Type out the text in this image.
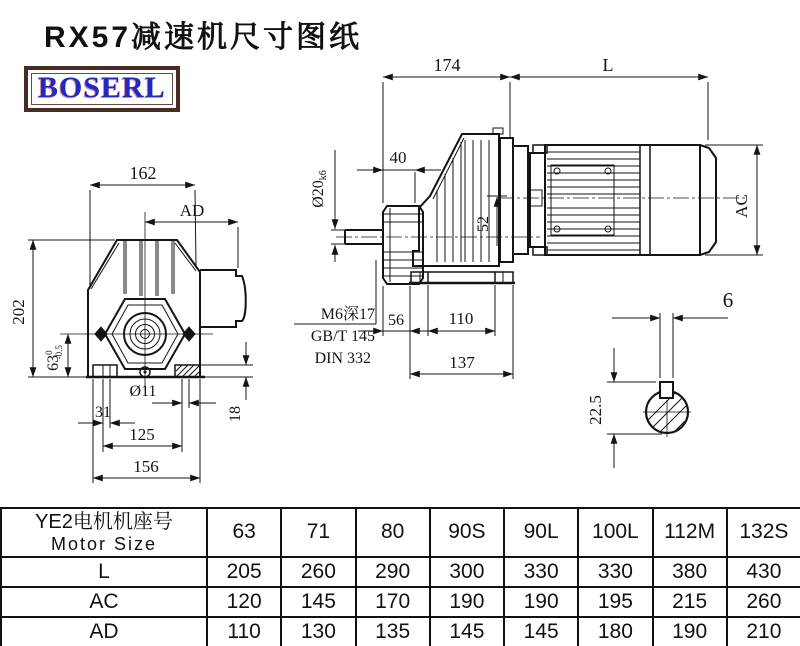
RX57减速机尺寸图纸
BOSERL
162
AD
202
$63^0-0.5$
Ø11
31
125
156
18
174	L
40
Ø20k6
52
56	110
137
M6深17
GB/T 145
DIN 332
AC
6
22.5
YE2电机机座号
Motor Size	63	71	80	90S	90L	100L	112M	132S
L	205	260	290	300	330	330	380	430
AC	120	145	170	190	190	195	215	260
AD	110	130	135	145	145	180	190	210
